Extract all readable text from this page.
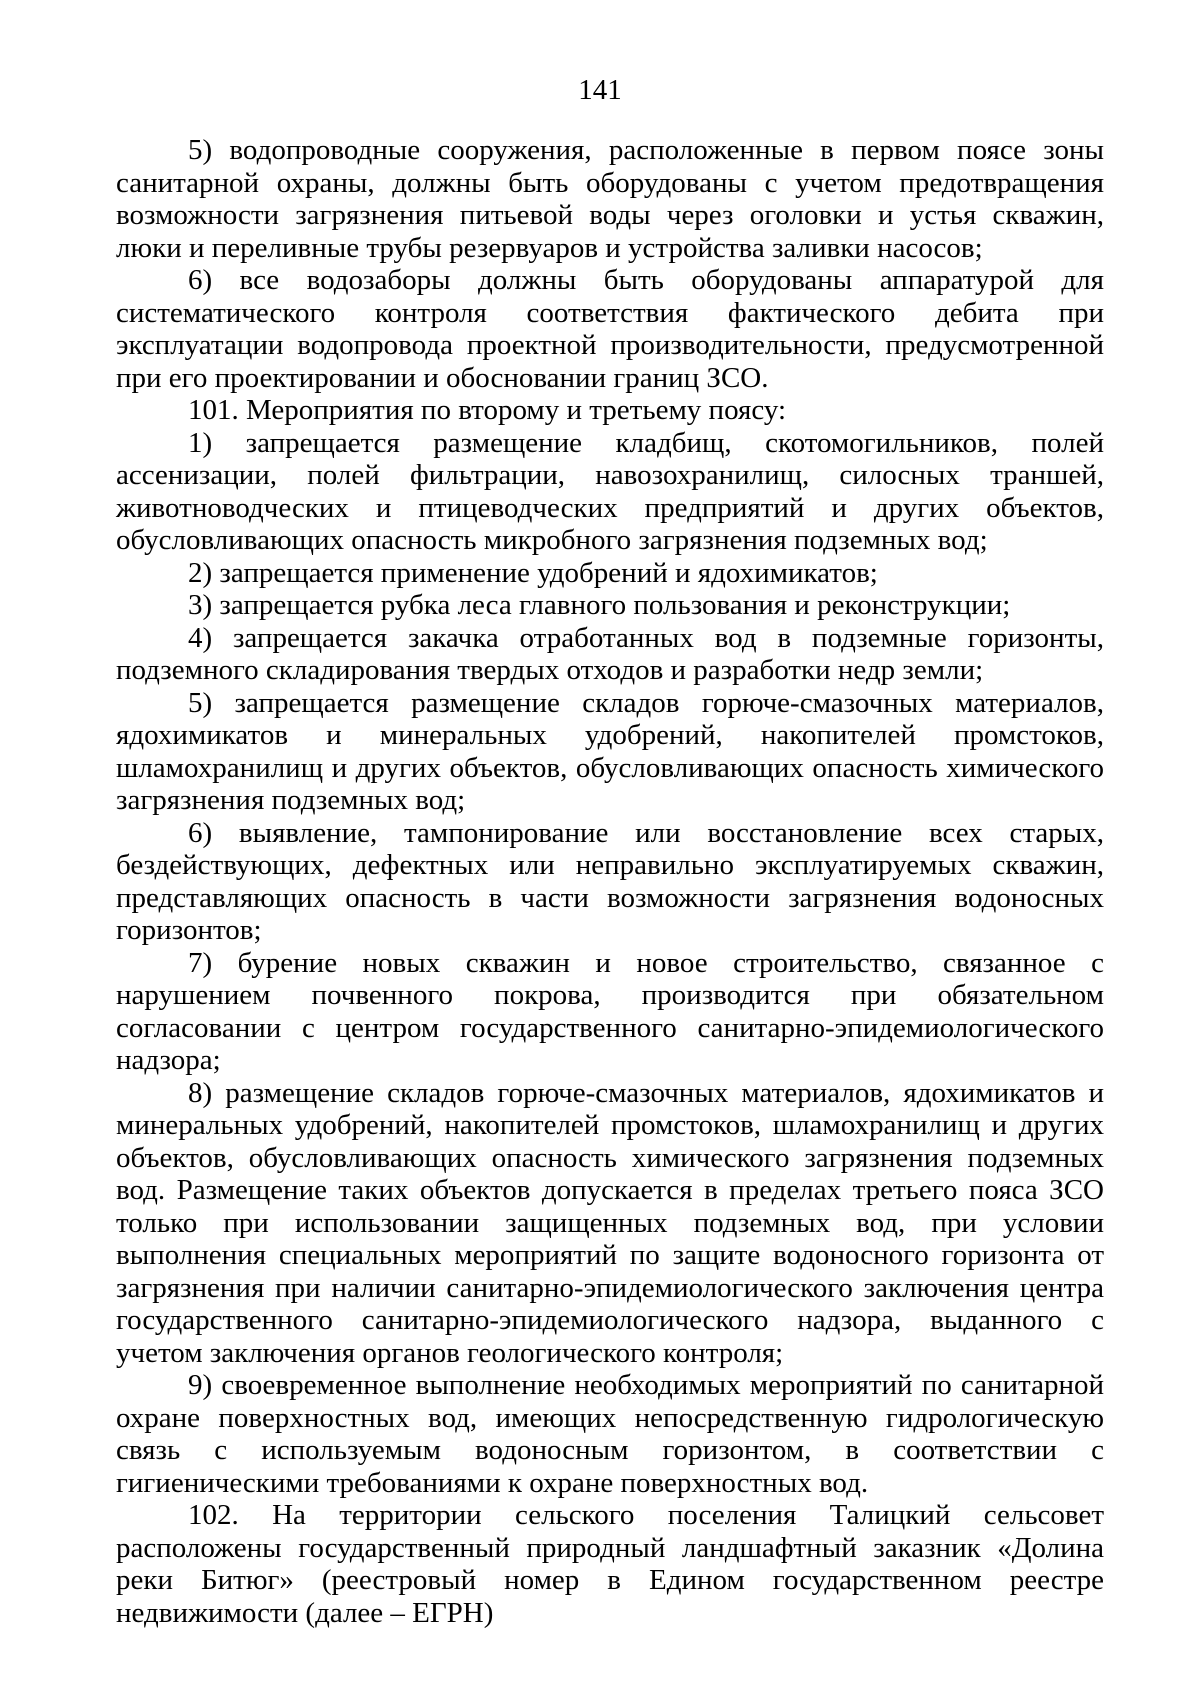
141

5) водопроводные сооружения, расположенные в первом поясе зоны санитарной охраны, должны быть оборудованы с учетом предотвращения возможности загрязнения питьевой воды через оголовки и устья скважин, люки и переливные трубы резервуаров и устройства заливки насосов;

6) все водозаборы должны быть оборудованы аппаратурой для систематического контроля соответствия фактического дебита при эксплуатации водопровода проектной производительности, предусмотренной при его проектировании и обосновании границ ЗСО.

101. Мероприятия по второму и третьему поясу:

1) запрещается размещение кладбищ, скотомогильников, полей ассенизации, полей фильтрации, навозохранилищ, силосных траншей, животноводческих и птицеводческих предприятий и других объектов, обусловливающих опасность микробного загрязнения подземных вод;

2) запрещается применение удобрений и ядохимикатов;

3) запрещается рубка леса главного пользования и реконструкции;

4) запрещается закачка отработанных вод в подземные горизонты, подземного складирования твердых отходов и разработки недр земли;

5) запрещается размещение складов горюче-смазочных материалов, ядохимикатов и минеральных удобрений, накопителей промстоков, шламохранилищ и других объектов, обусловливающих опасность химического загрязнения подземных вод;

6) выявление, тампонирование или восстановление всех старых, бездействующих, дефектных или неправильно эксплуатируемых скважин, представляющих опасность в части возможности загрязнения водоносных горизонтов;

7) бурение новых скважин и новое строительство, связанное с нарушением почвенного покрова, производится при обязательном согласовании с центром государственного санитарно-эпидемиологического надзора;

8) размещение складов горюче-смазочных материалов, ядохимикатов и минеральных удобрений, накопителей промстоков, шламохранилищ и других объектов, обусловливающих опасность химического загрязнения подземных вод. Размещение таких объектов допускается в пределах третьего пояса ЗСО только при использовании защищенных подземных вод, при условии выполнения специальных мероприятий по защите водоносного горизонта от загрязнения при наличии санитарно-эпидемиологического заключения центра государственного санитарно-эпидемиологического надзора, выданного с учетом заключения органов геологического контроля;

9) своевременное выполнение необходимых мероприятий по санитарной охране поверхностных вод, имеющих непосредственную гидрологическую связь с используемым водоносным горизонтом, в соответствии с гигиеническими требованиями к охране поверхностных вод.

102. На территории сельского поселения Талицкий сельсовет расположены государственный природный ландшафтный заказник «Долина реки Битюг» (реестровый номер в Едином государственном реестре недвижимости (далее – ЕГРН)
